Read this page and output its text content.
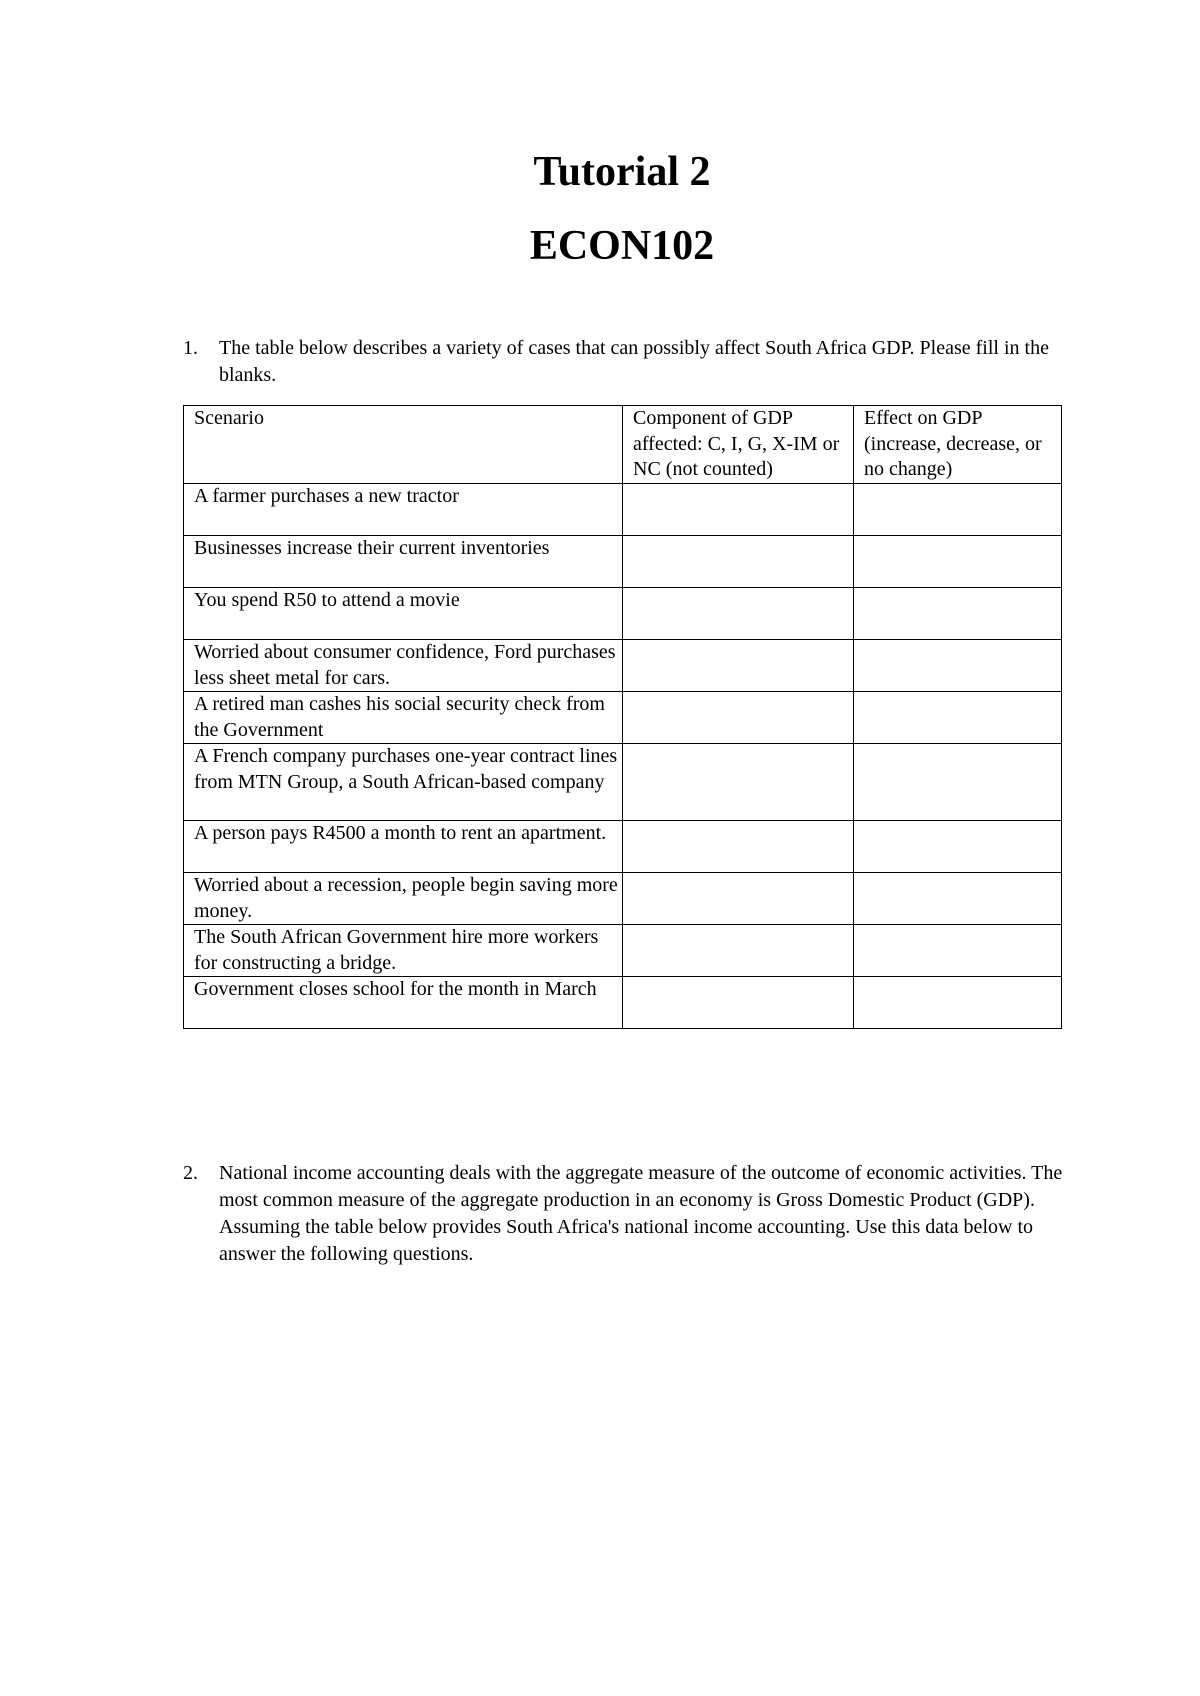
Tutorial 2
ECON102
1. The table below describes a variety of cases that can possibly affect South Africa GDP. Please fill in the blanks.
Scenario	Component of GDP affected: C, I, G, X-IM or NC (not counted)	Effect on GDP (increase, decrease, or no change)
A farmer purchases a new tractor		
Businesses increase their current inventories		
You spend R50 to attend a movie		
Worried about consumer confidence, Ford purchases less sheet metal for cars.		
A retired man cashes his social security check from the Government		
A French company purchases one-year contract lines from MTN Group, a South African-based company		
A person pays R4500 a month to rent an apartment.		
Worried about a recession, people begin saving more money.		
The South African Government hire more workers for constructing a bridge.		
Government closes school for the month in March		
2. National income accounting deals with the aggregate measure of the outcome of economic activities. The most common measure of the aggregate production in an economy is Gross Domestic Product (GDP). Assuming the table below provides South Africa's national income accounting. Use this data below to answer the following questions.
